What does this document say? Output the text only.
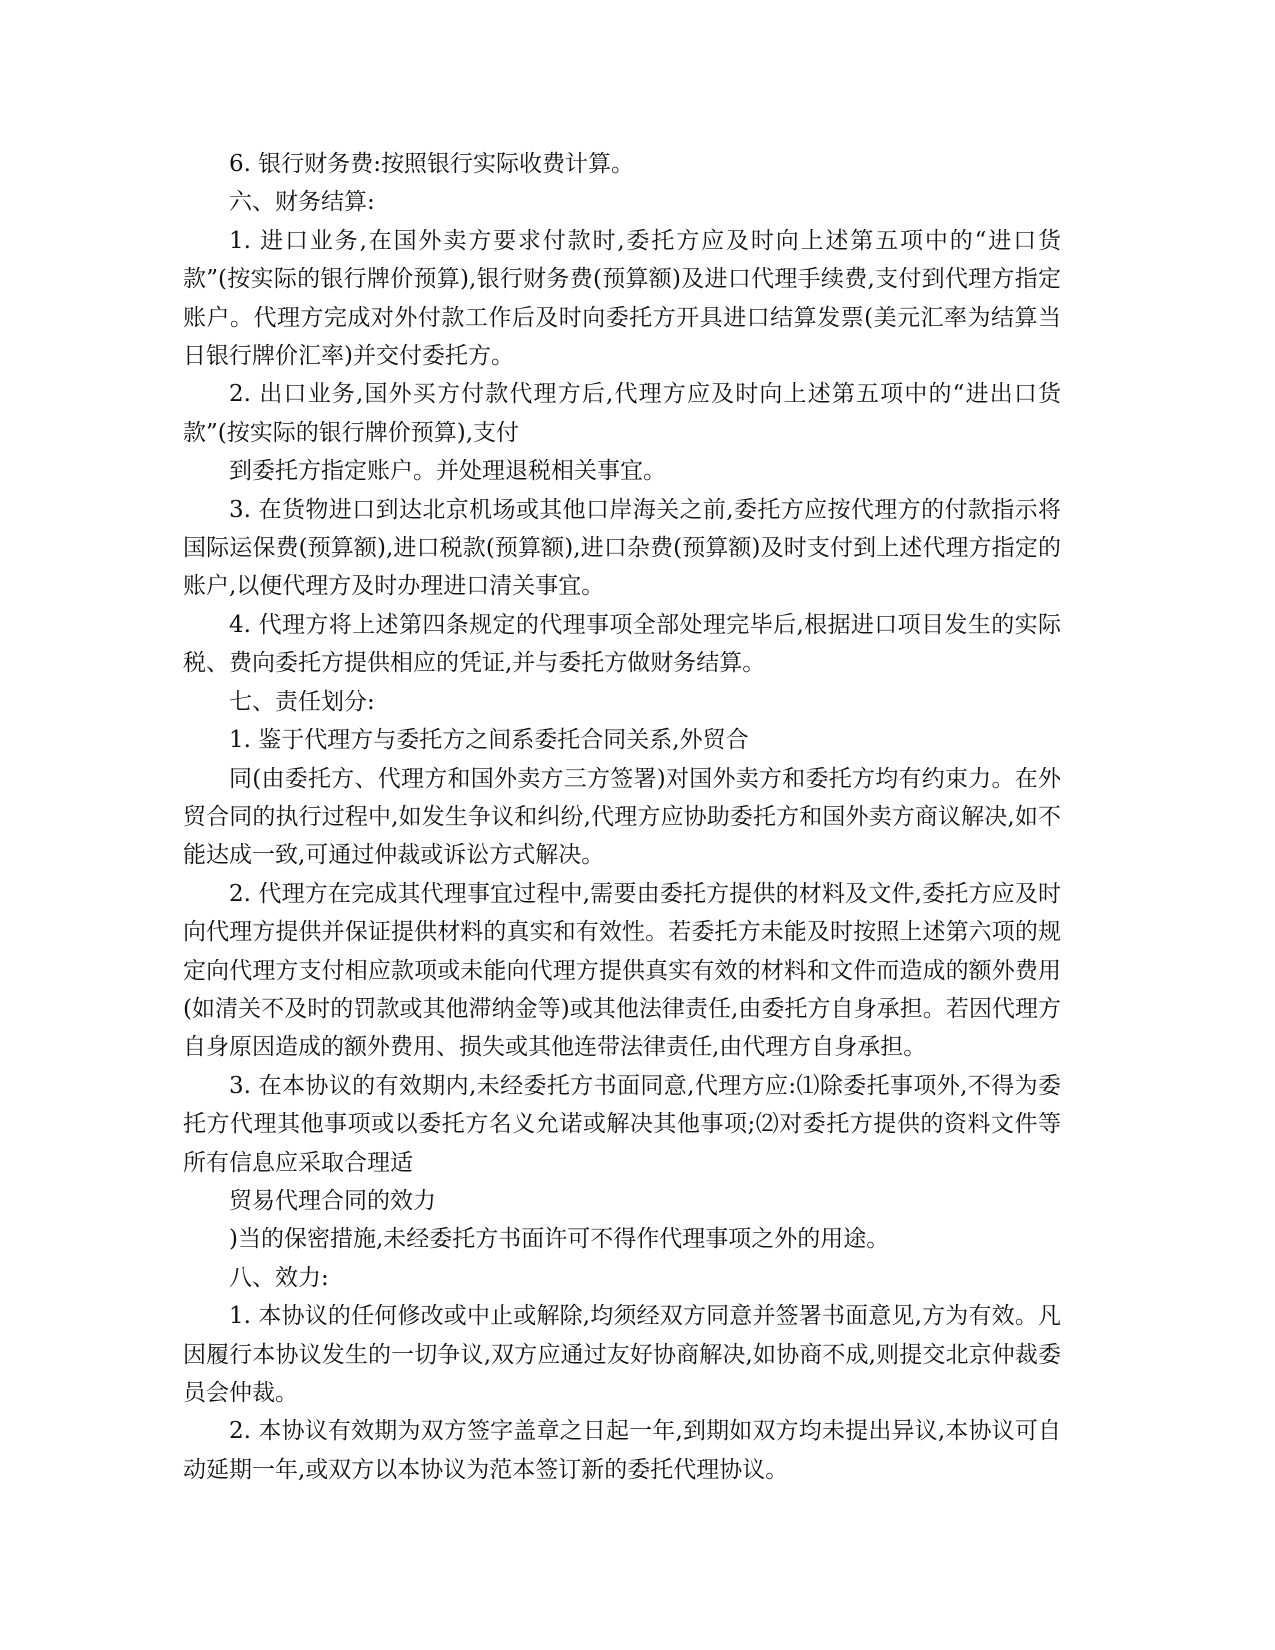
6. 银行财务费:按照银行实际收费计算。

六、财务结算:

1. 进口业务,在国外卖方要求付款时,委托方应及时向上述第五项中的“进口货款”(按实际的银行牌价预算),银行财务费(预算额)及进口代理手续费,支付到代理方指定账户。代理方完成对外付款工作后及时向委托方开具进口结算发票(美元汇率为结算当日银行牌价汇率)并交付委托方。

2. 出口业务,国外买方付款代理方后,代理方应及时向上述第五项中的“进出口货款”(按实际的银行牌价预算),支付

到委托方指定账户。并处理退税相关事宜。

3. 在货物进口到达北京机场或其他口岸海关之前,委托方应按代理方的付款指示将国际运保费(预算额),进口税款(预算额),进口杂费(预算额)及时支付到上述代理方指定的账户,以便代理方及时办理进口清关事宜。

4. 代理方将上述第四条规定的代理事项全部处理完毕后,根据进口项目发生的实际税、费向委托方提供相应的凭证,并与委托方做财务结算。

七、责任划分:

1. 鉴于代理方与委托方之间系委托合同关系,外贸合

同(由委托方、代理方和国外卖方三方签署)对国外卖方和委托方均有约束力。在外贸合同的执行过程中,如发生争议和纠纷,代理方应协助委托方和国外卖方商议解决,如不能达成一致,可通过仲裁或诉讼方式解决。

2. 代理方在完成其代理事宜过程中,需要由委托方提供的材料及文件,委托方应及时向代理方提供并保证提供材料的真实和有效性。若委托方未能及时按照上述第六项的规定向代理方支付相应款项或未能向代理方提供真实有效的材料和文件而造成的额外费用(如清关不及时的罚款或其他滞纳金等)或其他法律责任,由委托方自身承担。若因代理方自身原因造成的额外费用、损失或其他连带法律责任,由代理方自身承担。

3. 在本协议的有效期内,未经委托方书面同意,代理方应:⑴除委托事项外,不得为委托方代理其他事项或以委托方名义允诺或解决其他事项;⑵对委托方提供的资料文件等所有信息应采取合理适

贸易代理合同的效力

)当的保密措施,未经委托方书面许可不得作代理事项之外的用途。

八、效力:

1. 本协议的任何修改或中止或解除,均须经双方同意并签署书面意见,方为有效。凡因履行本协议发生的一切争议,双方应通过友好协商解决,如协商不成,则提交北京仲裁委员会仲裁。

2. 本协议有效期为双方签字盖章之日起一年,到期如双方均未提出异议,本协议可自动延期一年,或双方以本协议为范本签订新的委托代理协议。
